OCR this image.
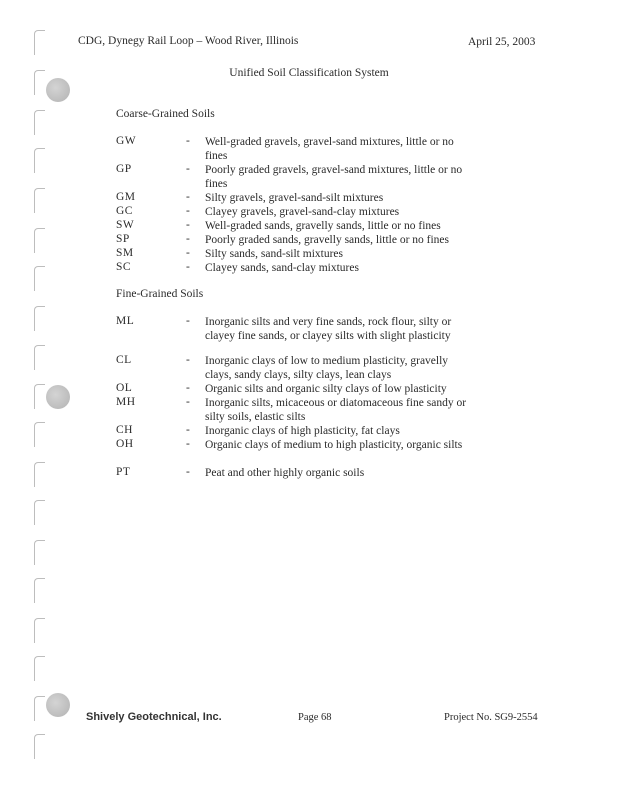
CDG, Dynegy Rail Loop – Wood River, Illinois	April 25, 2003
Unified Soil Classification System
Coarse-Grained Soils
GW	- Well-graded gravels, gravel-sand mixtures, little or no fines
GP	- Poorly graded gravels, gravel-sand mixtures, little or no fines
GM	- Silty gravels, gravel-sand-silt mixtures
GC	- Clayey gravels, gravel-sand-clay mixtures
SW	- Well-graded sands, gravelly sands, little or no fines
SP	- Poorly graded sands, gravelly sands, little or no fines
SM	- Silty sands, sand-silt mixtures
SC	- Clayey sands, sand-clay mixtures
Fine-Grained Soils
ML	- Inorganic silts and very fine sands, rock flour, silty or clayey fine sands, or clayey silts with slight plasticity
CL	- Inorganic clays of low to medium plasticity, gravelly clays, sandy clays, silty clays, lean clays
OL	- Organic silts and organic silty clays of low plasticity
MH	- Inorganic silts, micaceous or diatomaceous fine sandy or silty soils, elastic silts
CH	- Inorganic clays of high plasticity, fat clays
OH	- Organic clays of medium to high plasticity, organic silts
PT	- Peat and other highly organic soils
Shively Geotechnical, Inc.	Page 68	Project No. SG9-2554
